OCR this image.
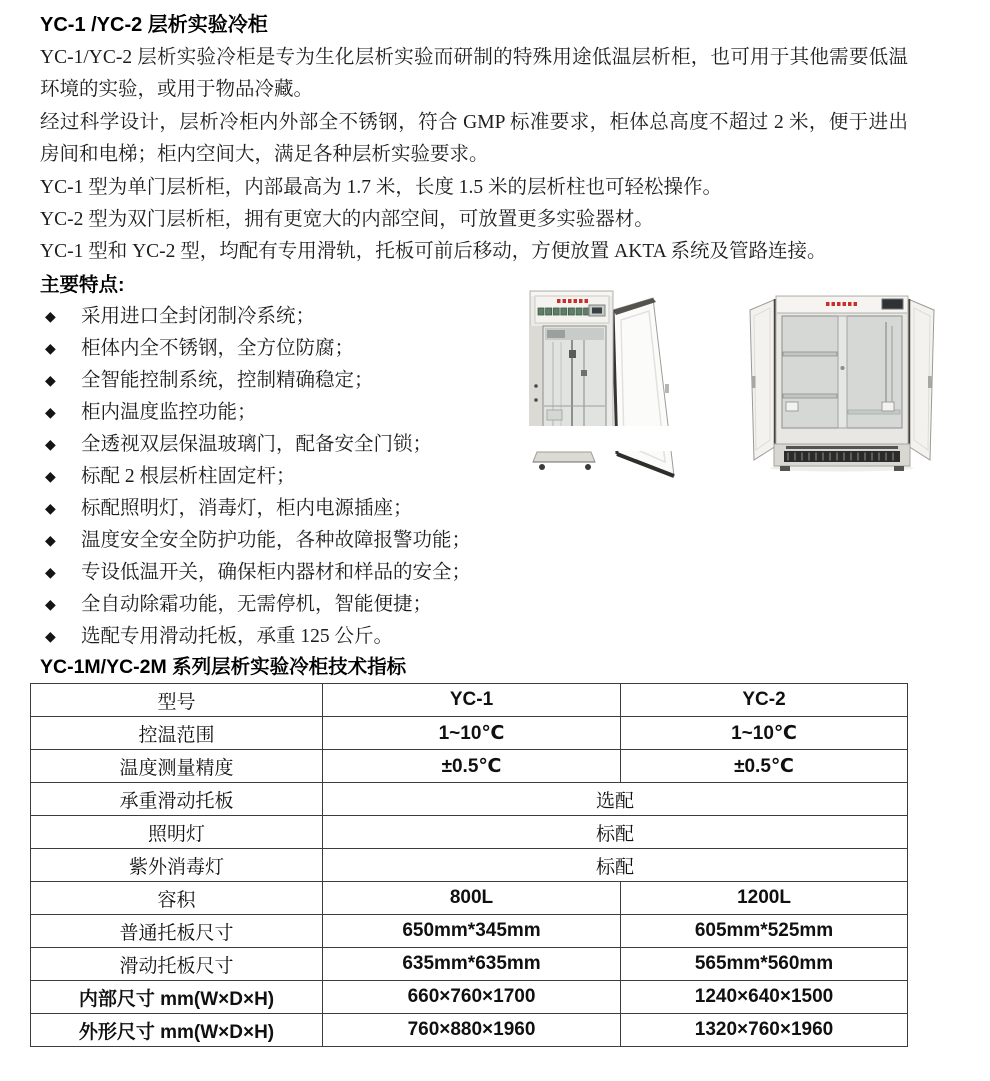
YC-1 /YC-2 层析实验冷柜

YC-1/YC-2 层析实验冷柜是专为生化层析实验而研制的特殊用途低温层析柜，也可用于其他需要低温环境的实验，或用于物品冷藏。

经过科学设计，层析冷柜内外部全不锈钢，符合 GMP 标准要求，柜体总高度不超过 2 米，便于进出房间和电梯；柜内空间大，满足各种层析实验要求。

YC-1 型为单门层析柜，内部最高为 1.7 米，长度 1.5 米的层析柱也可轻松操作。

YC-2 型为双门层析柜，拥有更宽大的内部空间，可放置更多实验器材。

YC-1 型和 YC-2 型，均配有专用滑轨，托板可前后移动，方便放置 AKTA 系统及管路连接。

主要特点:
◆ 采用进口全封闭制冷系统；
◆ 柜体内全不锈钢，全方位防腐；
◆ 全智能控制系统，控制精确稳定；
◆ 柜内温度监控功能；
◆ 全透视双层保温玻璃门，配备安全门锁；
◆ 标配 2 根层析柱固定杆；
◆ 标配照明灯，消毒灯，柜内电源插座；
◆ 温度安全安全防护功能，各种故障报警功能；
◆ 专设低温开关，确保柜内器材和样品的安全；
◆ 全自动除霜功能，无需停机，智能便捷；
◆ 选配专用滑动托板，承重 125 公斤。
YC-1M/YC-2M 系列层析实验冷柜技术指标
型号	YC-1	YC-2
控温范围	1~10℃	1~10℃
温度测量精度	±0.5℃	±0.5℃
承重滑动托板	选配	
照明灯	标配	
紫外消毒灯	标配	
容积	800L	1200L
普通托板尺寸	650mm*345mm	605mm*525mm
滑动托板尺寸	635mm*635mm	565mm*560mm
内部尺寸 mm(W×D×H)	660×760×1700	1240×640×1500
外形尺寸 mm(W×D×H)	760×880×1960	1320×760×1960
